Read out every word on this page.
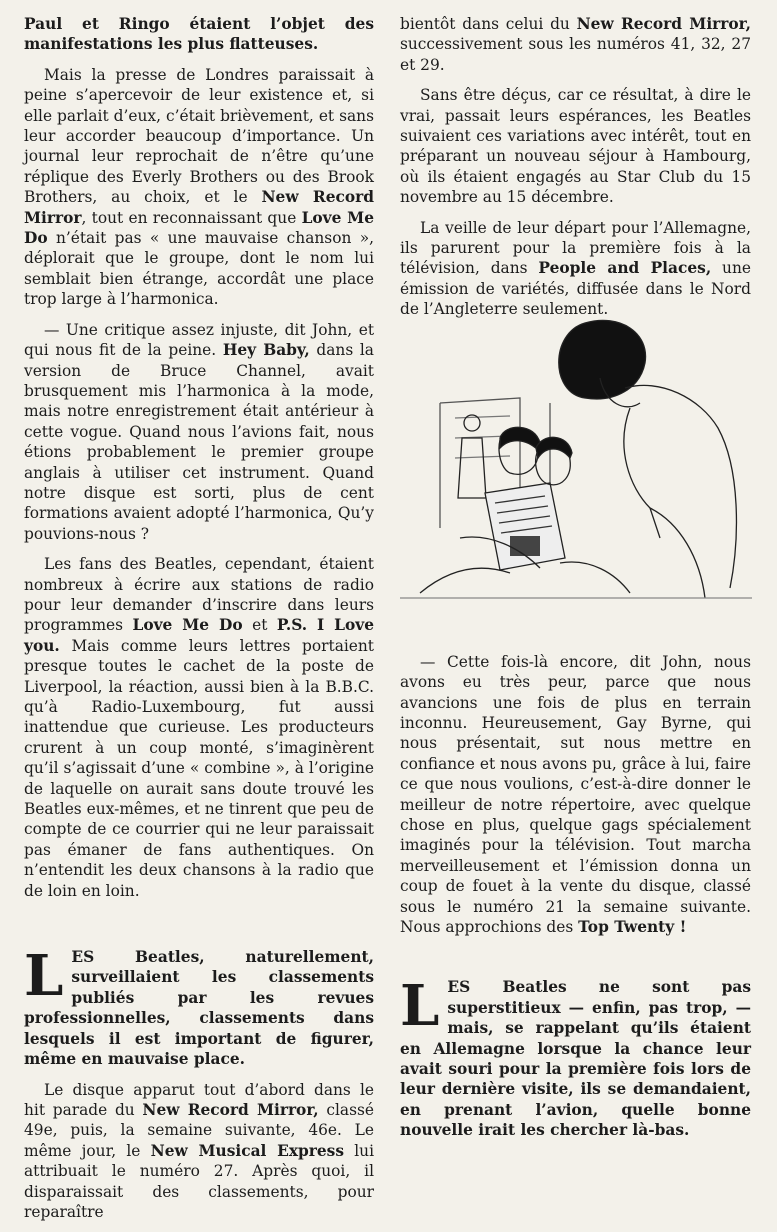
Paul et Ringo étaient l’objet des manifestations les plus flatteuses.

Mais la presse de Londres paraissait à peine s’apercevoir de leur existence et, si elle parlait d’eux, c’était brièvement, et sans leur accorder beaucoup d’importance. Un journal leur reprochait de n’être qu’une réplique des Everly Brothers ou des Brook Brothers, au choix, et le New Record Mirror, tout en reconnaissant que Love Me Do n’était pas « une mauvaise chanson », déplorait que le groupe, dont le nom lui semblait bien étrange, accordât une place trop large à l’harmonica.

— Une critique assez injuste, dit John, et qui nous fit de la peine. Hey Baby, dans la version de Bruce Channel, avait brusquement mis l’harmonica à la mode, mais notre enregistrement était antérieur à cette vogue. Quand nous l’avions fait, nous étions probablement le premier groupe anglais à utiliser cet instrument. Quand notre disque est sorti, plus de cent formations avaient adopté l’harmonica, Qu’y pouvions-nous ?

Les fans des Beatles, cependant, étaient nombreux à écrire aux stations de radio pour leur demander d’inscrire dans leurs programmes Love Me Do et P.S. I Love you. Mais comme leurs lettres portaient presque toutes le cachet de la poste de Liverpool, la réaction, aussi bien à la B.B.C. qu’à Radio-Luxembourg, fut aussi inattendue que curieuse. Les producteurs crurent à un coup monté, s’imaginèrent qu’il s’agissait d’une « combine », à l’origine de laquelle on aurait sans doute trouvé les Beatles eux-mêmes, et ne tinrent que peu de compte de ce courrier qui ne leur paraissait pas émaner de fans authentiques. On n’entendit les deux chansons à la radio que de loin en loin.

LES Beatles, naturellement, surveillaient les classements publiés par les revues professionnelles, classements dans lesquels il est important de figurer, même en mauvaise place.

Le disque apparut tout d’abord dans le hit parade du New Record Mirror, classé 49e, puis, la semaine suivante, 46e. Le même jour, le New Musical Express lui attribuait le numéro 27. Après quoi, il disparaissait des classements, pour reparaître

bientôt dans celui du New Record Mirror, successivement sous les numéros 41, 32, 27 et 29.

Sans être déçus, car ce résultat, à dire le vrai, passait leurs espérances, les Beatles suivaient ces variations avec intérêt, tout en préparant un nouveau séjour à Hambourg, où ils étaient engagés au Star Club du 15 novembre au 15 décembre.

La veille de leur départ pour l’Allemagne, ils parurent pour la première fois à la télévision, dans People and Places, une émission de variétés, diffusée dans le Nord de l’Angleterre seulement.

— Cette fois-là encore, dit John, nous avons eu très peur, parce que nous avancions une fois de plus en terrain inconnu. Heureusement, Gay Byrne, qui nous présentait, sut nous mettre en confiance et nous avons pu, grâce à lui, faire ce que nous voulions, c’est-à-dire donner le meilleur de notre répertoire, avec quelque chose en plus, quelque gags spécialement imaginés pour la télévision. Tout marcha merveilleusement et l’émission donna un coup de fouet à la vente du disque, classé sous le numéro 21 la semaine suivante. Nous approchions des Top Twenty !

LES Beatles ne sont pas superstitieux — enfin, pas trop, — mais, se rappelant qu’ils étaient en Allemagne lorsque la chance leur avait souri pour la première fois lors de leur dernière visite, ils se demandaient, en prenant l’avion, quelle bonne nouvelle irait les chercher là-bas.
